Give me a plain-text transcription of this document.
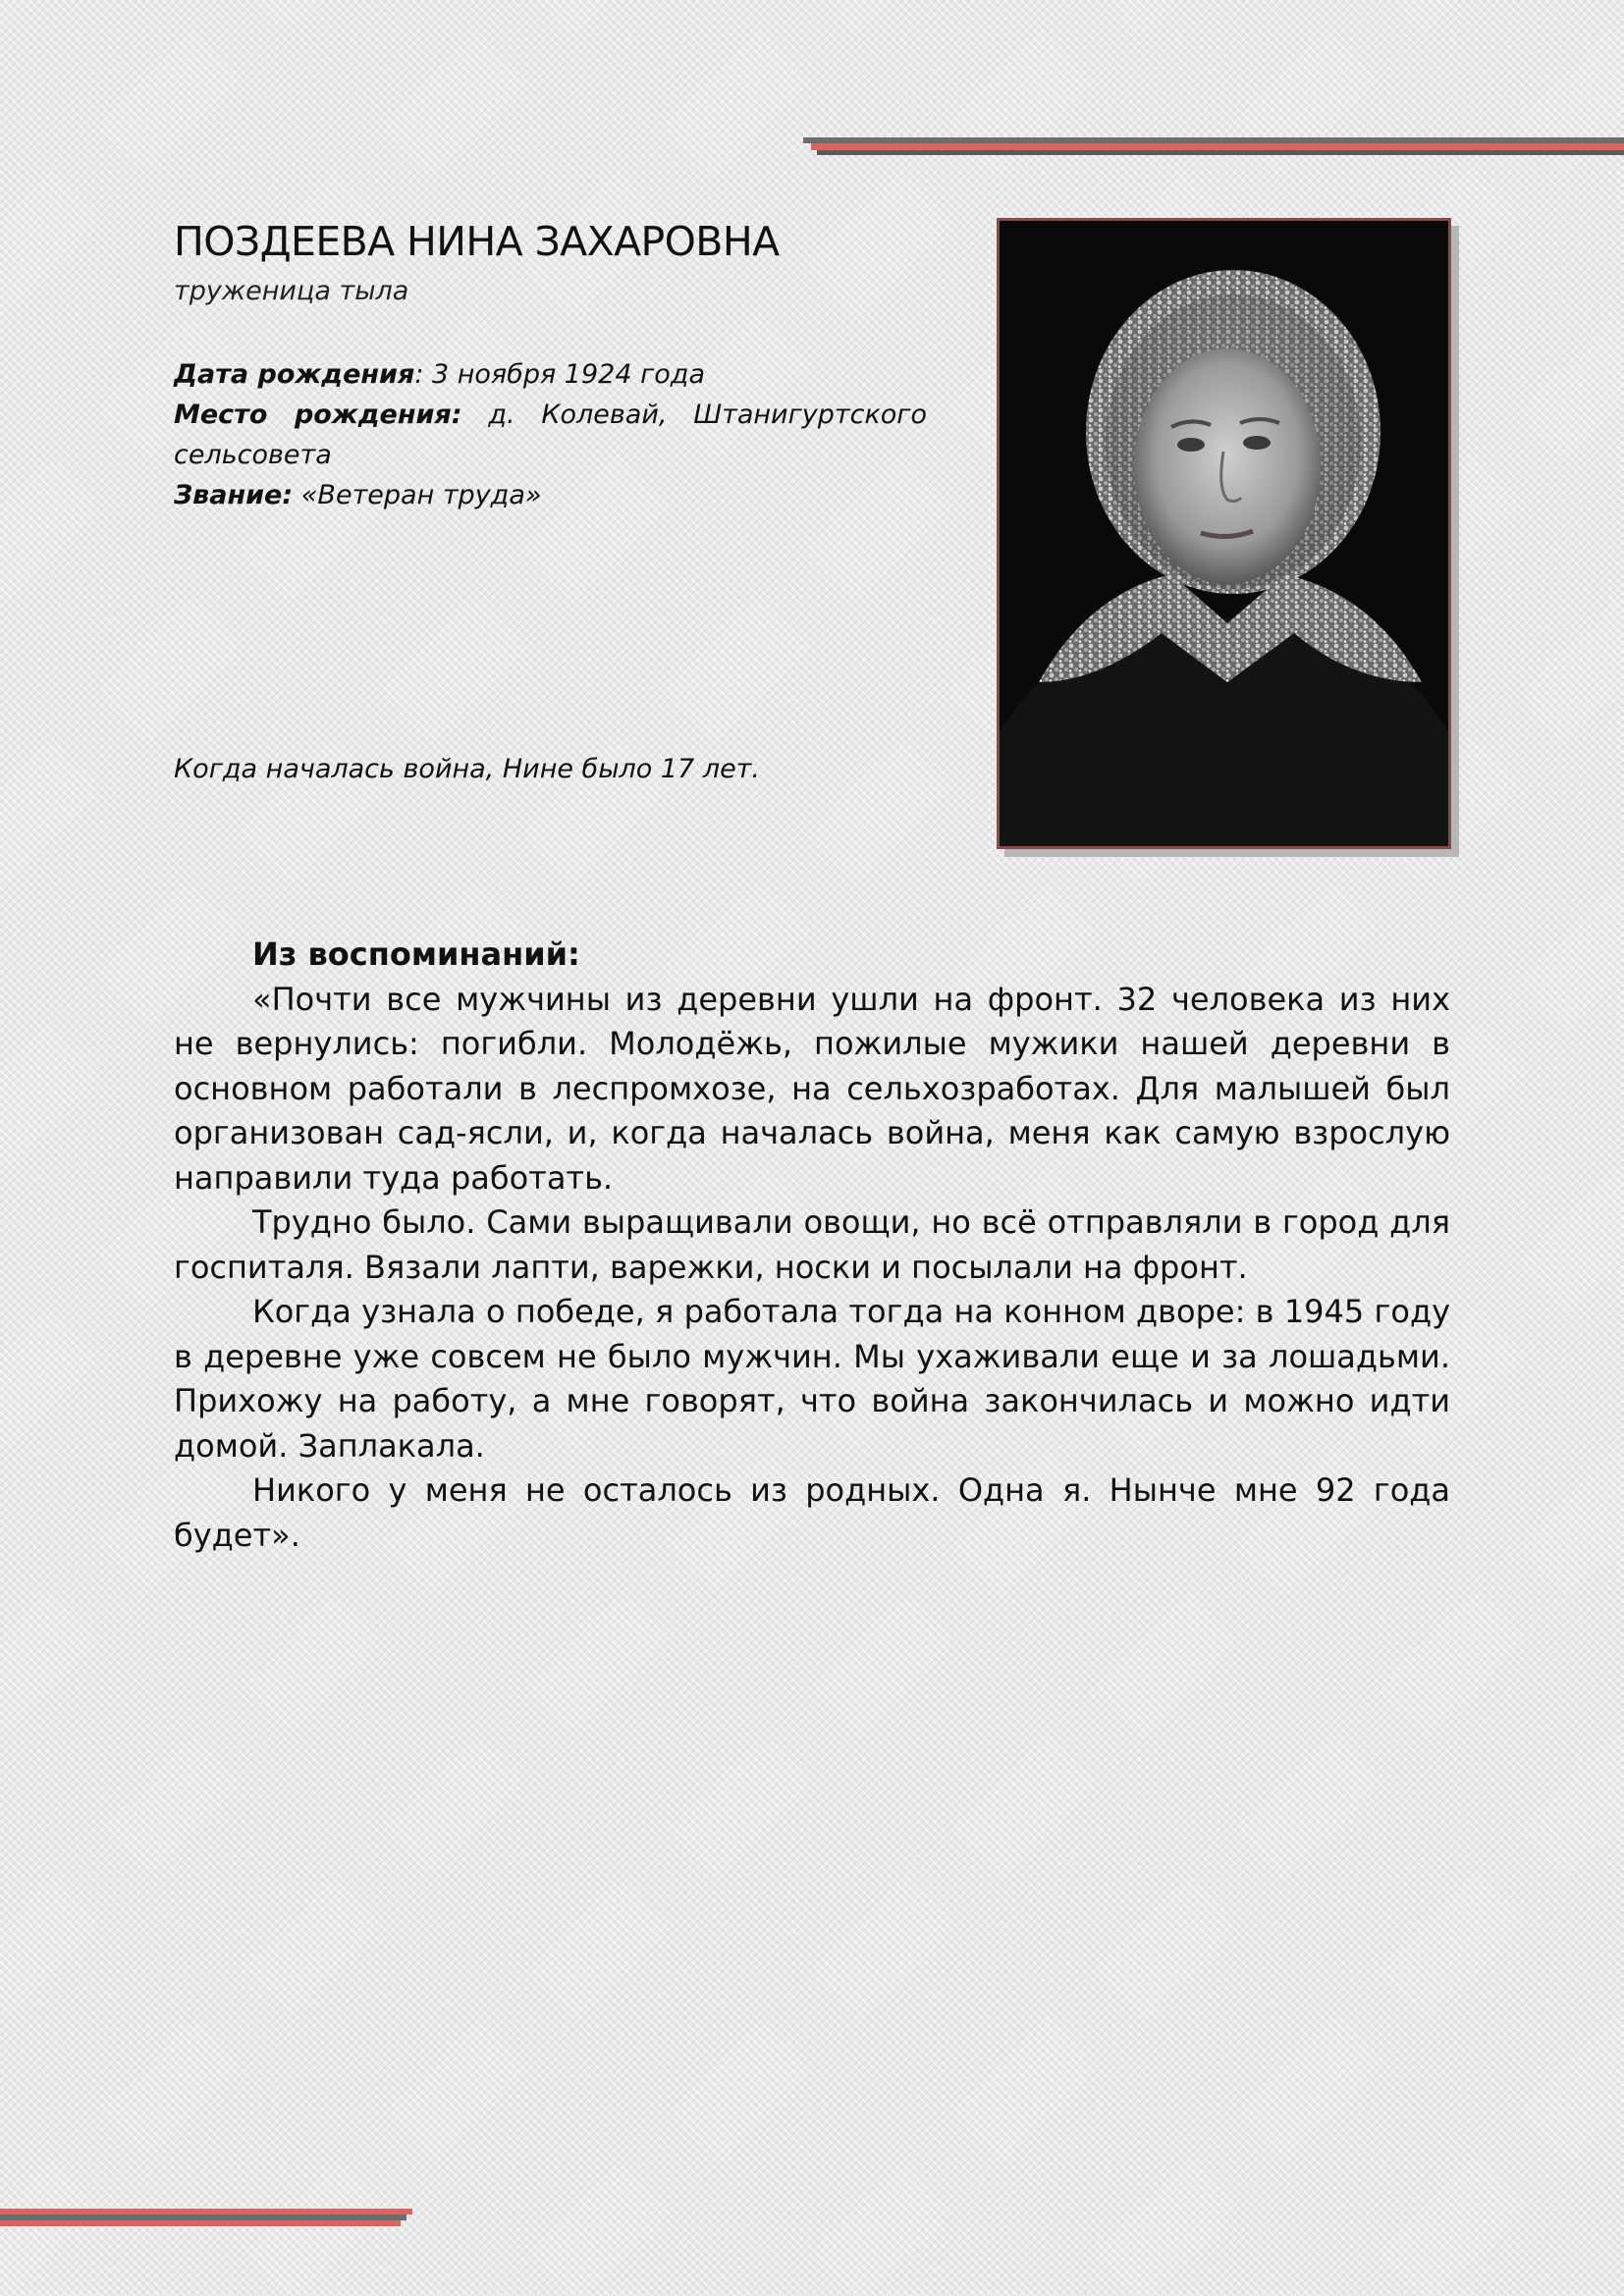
ПОЗДЕЕВА НИНА ЗАХАРОВНА
труженица тыла
Дата рождения: 3 ноября 1924 года
Место рождения: д. Колевай, Штанигуртского
сельсовета
Звание: «Ветеран труда»
Когда началась война, Нине было 17 лет.
Из воспоминаний:

«Почти все мужчины из деревни ушли на фронт. 32 человека из них не вернулись: погибли. Молодёжь, пожилые мужики нашей деревни в основном работали в леспромхозе, на сельхозработах. Для малышей был организован сад-ясли, и, когда началась война, меня как самую взрослую направили туда работать.

Трудно было. Сами выращивали овощи, но всё отправляли в город для госпиталя. Вязали лапти, варежки, носки и посылали на фронт.

Когда узнала о победе, я работала тогда на конном дворе: в 1945 году в деревне уже совсем не было мужчин. Мы ухаживали еще и за лошадьми. Прихожу на работу, а мне говорят, что война закончилась и можно идти домой. Заплакала.

Никого у меня не осталось из родных. Одна я. Нынче мне 92 года будет».
